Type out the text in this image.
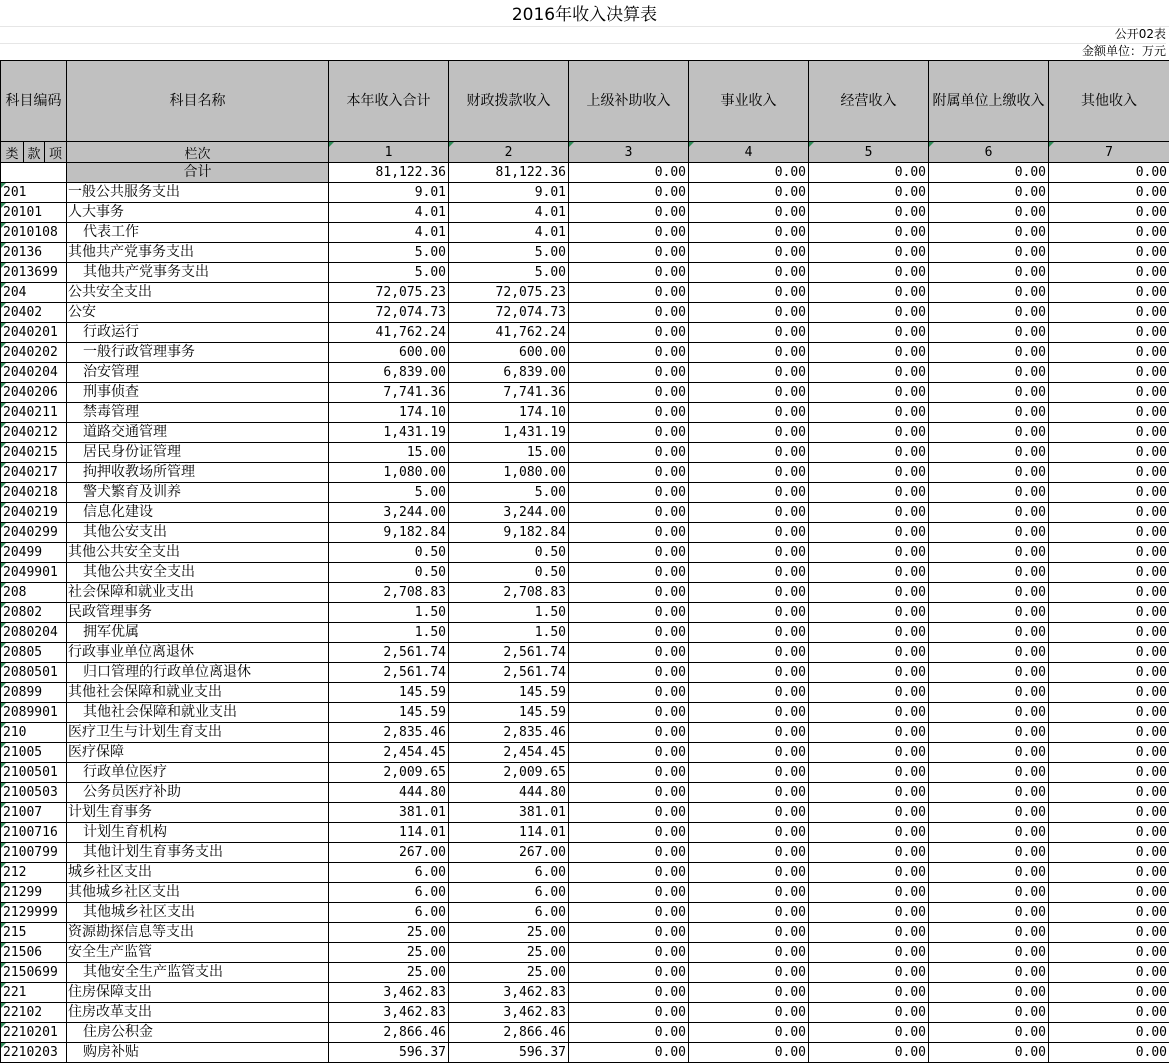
2016年收入决算表
公开02表
金额单位：万元
科目编码			科目名称	本年收入合计	财政拨款收入	上级补助收入	事业收入	经营收入	附属单位上缴收入	其他收入
类	款	项	栏次	1	2	3	4	5	6	7
			合计	81,122.36	81,122.36	0.00	0.00	0.00	0.00	0.00
201			一般公共服务支出	9.01	9.01	0.00	0.00	0.00	0.00	0.00
20101			人大事务	4.01	4.01	0.00	0.00	0.00	0.00	0.00
2010108			代表工作	4.01	4.01	0.00	0.00	0.00	0.00	0.00
20136			其他共产党事务支出	5.00	5.00	0.00	0.00	0.00	0.00	0.00
2013699			其他共产党事务支出	5.00	5.00	0.00	0.00	0.00	0.00	0.00
204			公共安全支出	72,075.23	72,075.23	0.00	0.00	0.00	0.00	0.00
20402			公安	72,074.73	72,074.73	0.00	0.00	0.00	0.00	0.00
2040201			行政运行	41,762.24	41,762.24	0.00	0.00	0.00	0.00	0.00
2040202			一般行政管理事务	600.00	600.00	0.00	0.00	0.00	0.00	0.00
2040204			治安管理	6,839.00	6,839.00	0.00	0.00	0.00	0.00	0.00
2040206			刑事侦查	7,741.36	7,741.36	0.00	0.00	0.00	0.00	0.00
2040211			禁毒管理	174.10	174.10	0.00	0.00	0.00	0.00	0.00
2040212			道路交通管理	1,431.19	1,431.19	0.00	0.00	0.00	0.00	0.00
2040215			居民身份证管理	15.00	15.00	0.00	0.00	0.00	0.00	0.00
2040217			拘押收教场所管理	1,080.00	1,080.00	0.00	0.00	0.00	0.00	0.00
2040218			警犬繁育及训养	5.00	5.00	0.00	0.00	0.00	0.00	0.00
2040219			信息化建设	3,244.00	3,244.00	0.00	0.00	0.00	0.00	0.00
2040299			其他公安支出	9,182.84	9,182.84	0.00	0.00	0.00	0.00	0.00
20499			其他公共安全支出	0.50	0.50	0.00	0.00	0.00	0.00	0.00
2049901			其他公共安全支出	0.50	0.50	0.00	0.00	0.00	0.00	0.00
208			社会保障和就业支出	2,708.83	2,708.83	0.00	0.00	0.00	0.00	0.00
20802			民政管理事务	1.50	1.50	0.00	0.00	0.00	0.00	0.00
2080204			拥军优属	1.50	1.50	0.00	0.00	0.00	0.00	0.00
20805			行政事业单位离退休	2,561.74	2,561.74	0.00	0.00	0.00	0.00	0.00
2080501			归口管理的行政单位离退休	2,561.74	2,561.74	0.00	0.00	0.00	0.00	0.00
20899			其他社会保障和就业支出	145.59	145.59	0.00	0.00	0.00	0.00	0.00
2089901			其他社会保障和就业支出	145.59	145.59	0.00	0.00	0.00	0.00	0.00
210			医疗卫生与计划生育支出	2,835.46	2,835.46	0.00	0.00	0.00	0.00	0.00
21005			医疗保障	2,454.45	2,454.45	0.00	0.00	0.00	0.00	0.00
2100501			行政单位医疗	2,009.65	2,009.65	0.00	0.00	0.00	0.00	0.00
2100503			公务员医疗补助	444.80	444.80	0.00	0.00	0.00	0.00	0.00
21007			计划生育事务	381.01	381.01	0.00	0.00	0.00	0.00	0.00
2100716			计划生育机构	114.01	114.01	0.00	0.00	0.00	0.00	0.00
2100799			其他计划生育事务支出	267.00	267.00	0.00	0.00	0.00	0.00	0.00
212			城乡社区支出	6.00	6.00	0.00	0.00	0.00	0.00	0.00
21299			其他城乡社区支出	6.00	6.00	0.00	0.00	0.00	0.00	0.00
2129999			其他城乡社区支出	6.00	6.00	0.00	0.00	0.00	0.00	0.00
215			资源勘探信息等支出	25.00	25.00	0.00	0.00	0.00	0.00	0.00
21506			安全生产监管	25.00	25.00	0.00	0.00	0.00	0.00	0.00
2150699			其他安全生产监管支出	25.00	25.00	0.00	0.00	0.00	0.00	0.00
221			住房保障支出	3,462.83	3,462.83	0.00	0.00	0.00	0.00	0.00
22102			住房改革支出	3,462.83	3,462.83	0.00	0.00	0.00	0.00	0.00
2210201			住房公积金	2,866.46	2,866.46	0.00	0.00	0.00	0.00	0.00
2210203			购房补贴	596.37	596.37	0.00	0.00	0.00	0.00	0.00
